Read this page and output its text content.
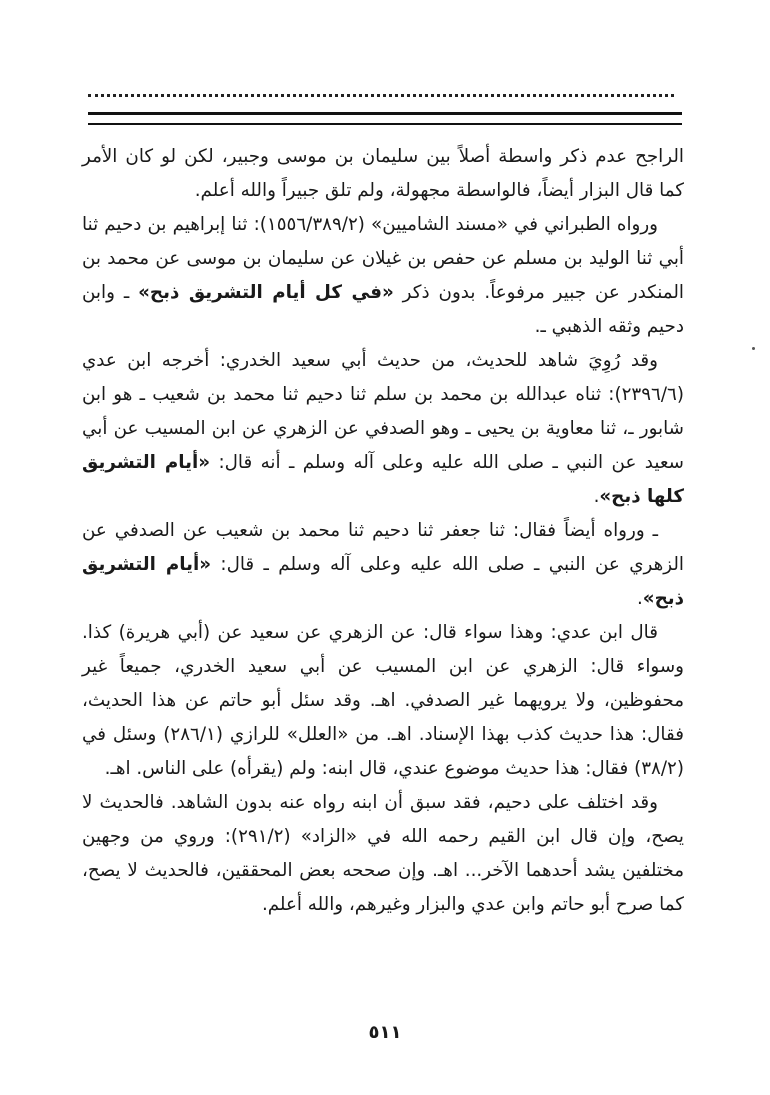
الراجح عدم ذكر واسطة أصلاً بين سليمان بن موسى وجبير، لكن لو كان الأمر كما قال البزار أيضاً، فالواسطة مجهولة، ولم تلق جبيراً والله أعلم.

ورواه الطبراني في «مسند الشاميين» (١٥٥٦/٣٨٩/٢): ثنا إبراهيم بن دحيم ثنا أبي ثنا الوليد بن مسلم عن حفص بن غيلان عن سليمان بن موسى عن محمد بن المنكدر عن جبير مرفوعاً. بدون ذكر «في كل أيام التشريق ذبح» ـ وابن دحيم وثقه الذهبي ـ.

وقد رُوِيَ شاهد للحديث، من حديث أبي سعيد الخدري: أخرجه ابن عدي (٢٣٩٦/٦): ثناه عبدالله بن محمد بن سلم ثنا دحيم ثنا محمد بن شعيب ـ هو ابن شابور ـ، ثنا معاوية بن يحيى ـ وهو الصدفي عن الزهري عن ابن المسيب عن أبي سعيد عن النبي ـ صلى الله عليه وعلى آله وسلم ـ أنه قال: «أيام التشريق كلها ذبح».

ـ ورواه أيضاً فقال: ثنا جعفر ثنا دحيم ثنا محمد بن شعيب عن الصدفي عن الزهري عن النبي ـ صلى الله عليه وعلى آله وسلم ـ قال: «أيام التشريق ذبح».

قال ابن عدي: وهذا سواء قال: عن الزهري عن سعيد عن (أبي هريرة) كذا. وسواء قال: الزهري عن ابن المسيب عن أبي سعيد الخدري، جميعاً غير محفوظين، ولا يرويهما غير الصدفي. اهـ. وقد سئل أبو حاتم عن هذا الحديث، فقال: هذا حديث كذب بهذا الإسناد. اهـ. من «العلل» للرازي (٢٨٦/١) وسئل في (٣٨/٢) فقال: هذا حديث موضوع عندي، قال ابنه: ولم (يقرأه) على الناس. اهـ.

وقد اختلف على دحيم، فقد سبق أن ابنه رواه عنه بدون الشاهد. فالحديث لا يصح، وإن قال ابن القيم رحمه الله في «الزاد» (٢٩١/٢): وروي من وجهين مختلفين يشد أحدهما الآخر... اهـ. وإن صححه بعض المحققين، فالحديث لا يصح، كما صرح أبو حاتم وابن عدي والبزار وغيرهم، والله أعلم.

٥١١
